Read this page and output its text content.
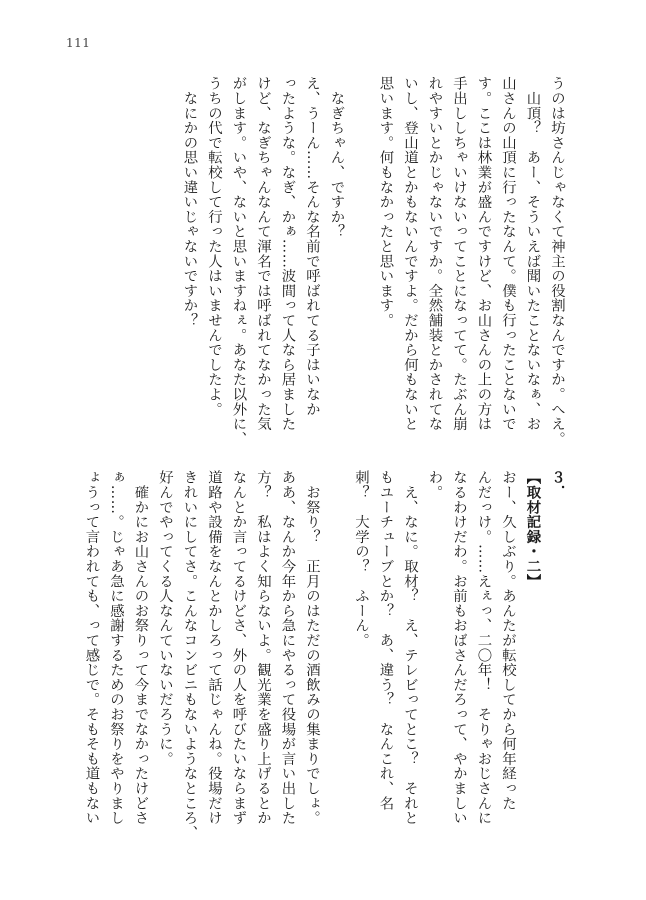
111
うのは坊さんじゃなくて神主の役割なんですか。へえ。
　山頂？　あー、そういえば聞いたことないなぁ、お
山さんの山頂に行ったなんて。僕も行ったことないで
す。ここは林業が盛んですけど、お山さんの上の方は
手出ししちゃいけないってことになってて。たぶん崩
れやすいとかじゃないですか。全然舗装とかされてな
いし、登山道とかもないんですよ。だから何もないと
思います。何もなかったと思います。
　なぎちゃん、ですか？
え、うーん……そんな名前で呼ばれてる子はいなか
ったような。なぎ、かぁ……波間って人なら居ました
けど、なぎちゃんなんて渾名では呼ばれてなかった気
がします。いや、ないと思いますねぇ。あなた以外に、
うちの代で転校して行った人はいませんでしたよ。
　なにかの思い違いじゃないですか？
３．
【取材記録・二】
おー、久しぶり。あんたが転校してから何年経った
んだっけ。……えぇっ、二〇年！　そりゃおじさんに
なるわけだわ。お前もおばさんだろって、やかましい
わ。
　え、なに。取材？　え、テレビってとこ？　それと
もユーチューブとか？　あ、違う？　なんこれ、名
刺？　大学の？　ふーん。
　お祭り？　正月のはただの酒飲みの集まりでしょ。
ああ、なんか今年から急にやるって役場が言い出した
方？　私はよく知らないよ。観光業を盛り上げるとか
なんとか言ってるけどさ、外の人を呼びたいならまず
道路や設備をなんとかしろって話じゃんね。役場だけ
きれいにしてさ。こんなコンビニもないようなところ、
好んでやってくる人なんていないだろうに。
　確かにお山さんのお祭りって今までなかったけどさ
ぁ……。じゃあ急に感謝するためのお祭りをやりまし
ょうって言われても、って感じで。そもそも道もない
